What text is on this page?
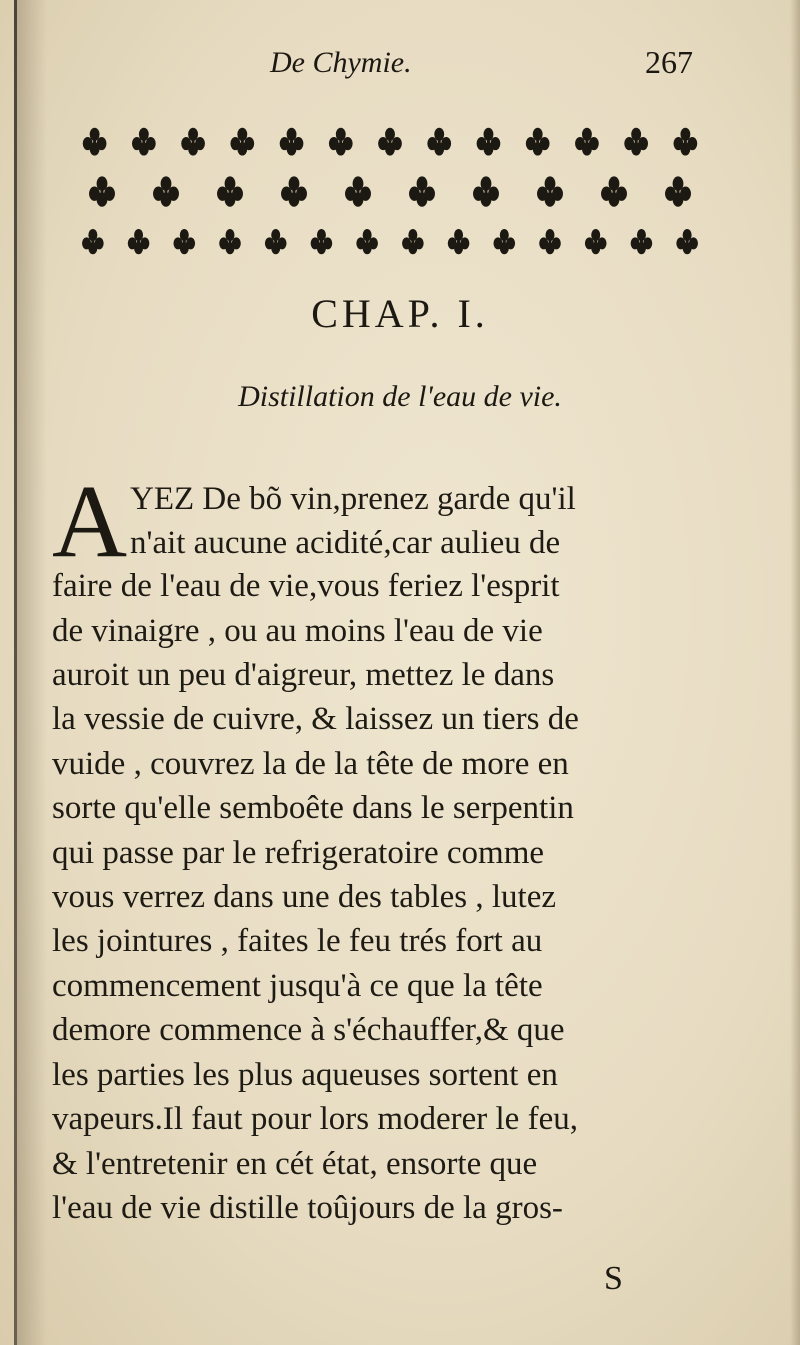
De Chymie.	267
CHAP. I.
Distillation de l'eau de vie.
A YEZ De bõ vin,prenez garde qu'il
n'ait aucune acidité,car aulieu de
faire de l'eau de vie,vous feriez l'esprit
de vinaigre , ou au moins l'eau de vie
auroit un peu d'aigreur, mettez le dans
la vessie de cuivre, & laissez un tiers de
vuide , couvrez la de la tête de more en
sorte qu'elle semboête dans le serpentin
qui passe par le refrigeratoire comme
vous verrez dans une des tables , lutez
les jointures , faites le feu trés fort au
commencement jusqu'à ce que la tête
demore commence à s'échauffer,& que
les parties les plus aqueuses sortent en
vapeurs.Il faut pour lors moderer le feu,
& l'entretenir en cét état, ensorte que
l'eau de vie distille toûjours de la gros-
S
